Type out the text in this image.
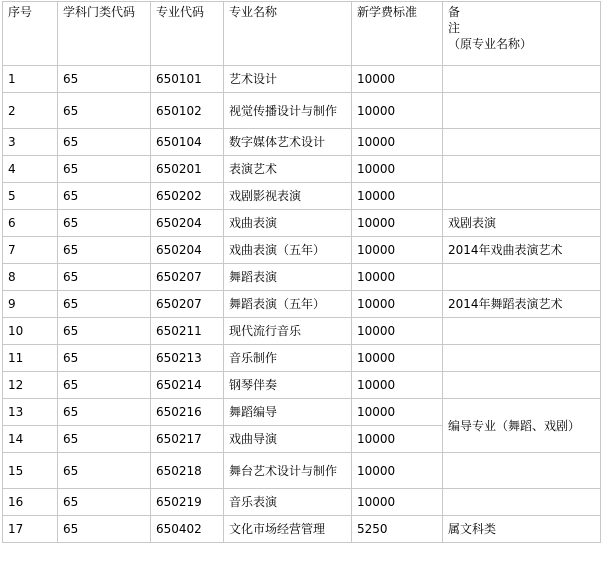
序号	学科门类代码	专业代码	专业名称	新学费标准	备
注
（原专业名称）

1	65	650101	艺术设计	10000	
2	65	650102	视觉传播设计与制作	10000	
3	65	650104	数字媒体艺术设计	10000	
4	65	650201	表演艺术	10000	
5	65	650202	戏剧影视表演	10000	
6	65	650204	戏曲表演	10000	戏剧表演
7	65	650204	戏曲表演（五年）	10000	2014年戏曲表演艺术
8	65	650207	舞蹈表演	10000	
9	65	650207	舞蹈表演（五年）	10000	2014年舞蹈表演艺术
10	65	650211	现代流行音乐	10000	
11	65	650213	音乐制作	10000	
12	65	650214	钢琴伴奏	10000	
13	65	650216	舞蹈编导	10000	编导专业（舞蹈、戏剧）
14	65	650217	戏曲导演	10000	
15	65	650218	舞台艺术设计与制作	10000	
16	65	650219	音乐表演	10000	
17	65	650402	文化市场经营管理	5250	属文科类
